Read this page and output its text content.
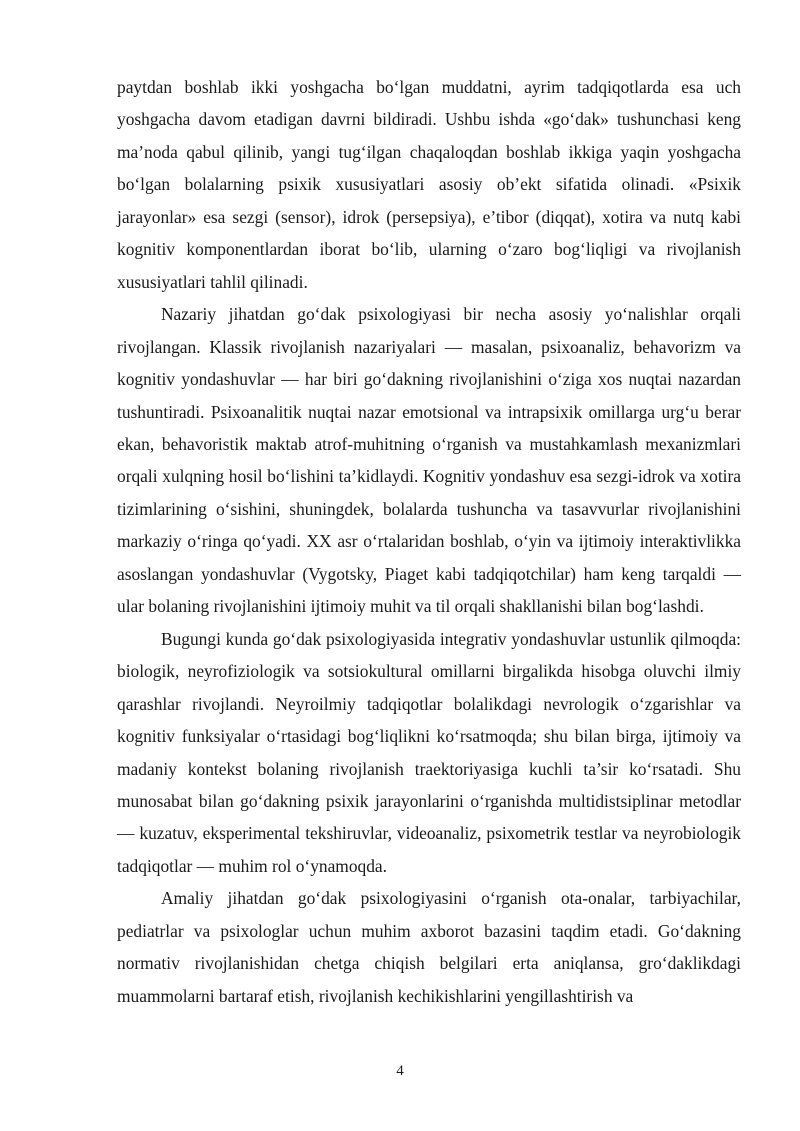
paytdan boshlab ikki yoshgacha bo‘lgan muddatni, ayrim tadqiqotlarda esa uch yoshgacha davom etadigan davrni bildiradi. Ushbu ishda «go‘dak» tushunchasi keng ma’noda qabul qilinib, yangi tug‘ilgan chaqaloqdan boshlab ikkiga yaqin yoshgacha bo‘lgan bolalarning psixik xususiyatlari asosiy ob’ekt sifatida olinadi. «Psixik jarayonlar» esa sezgi (sensor), idrok (persepsiya), e’tibor (diqqat), xotira va nutq kabi kognitiv komponentlardan iborat bo‘lib, ularning o‘zaro bog‘liqligi va rivojlanish xususiyatlari tahlil qilinadi.

Nazariy jihatdan go‘dak psixologiyasi bir necha asosiy yo‘nalishlar orqali rivojlangan. Klassik rivojlanish nazariyalari — masalan, psixoanaliz, behavorizm va kognitiv yondashuvlar — har biri go‘dakning rivojlanishini o‘ziga xos nuqtai nazardan tushuntiradi. Psixoanalitik nuqtai nazar emotsional va intrapsixik omillarga urg‘u berar ekan, behavoristik maktab atrof-muhitning o‘rganish va mustahkamlash mexanizmlari orqali xulqning hosil bo‘lishini ta’kidlaydi. Kognitiv yondashuv esa sezgi-idrok va xotira tizimlarining o‘sishini, shuningdek, bolalarda tushuncha va tasavvurlar rivojlanishini markaziy o‘ringa qo‘yadi. XX asr o‘rtalaridan boshlab, o‘yin va ijtimoiy interaktivlikka asoslangan yondashuvlar (Vygotsky, Piaget kabi tadqiqotchilar) ham keng tarqaldi — ular bolaning rivojlanishini ijtimoiy muhit va til orqali shakllanishi bilan bog‘lashdi.

Bugungi kunda go‘dak psixologiyasida integrativ yondashuvlar ustunlik qilmoqda: biologik, neyrofiziologik va sotsiokultural omillarni birgalikda hisobga oluvchi ilmiy qarashlar rivojlandi. Neyroilmiy tadqiqotlar bolalikdagi nevrologik o‘zgarishlar va kognitiv funksiyalar o‘rtasidagi bog‘liqlikni ko‘rsatmoqda; shu bilan birga, ijtimoiy va madaniy kontekst bolaning rivojlanish traektoriyasiga kuchli ta’sir ko‘rsatadi. Shu munosabat bilan go‘dakning psixik jarayonlarini o‘rganishda multidistsiplinar metodlar — kuzatuv, eksperimental tekshiruvlar, videoanaliz, psixometrik testlar va neyrobiologik tadqiqotlar — muhim rol o‘ynamoqda.

Amaliy jihatdan go‘dak psixologiyasini o‘rganish ota-onalar, tarbiyachilar, pediatrlar va psixologlar uchun muhim axborot bazasini taqdim etadi. Go‘dakning normativ rivojlanishidan chetga chiqish belgilari erta aniqlansa, gro‘daklikdagi muammolarni bartaraf etish, rivojlanish kechikishlarini yengillashtirish va

4
